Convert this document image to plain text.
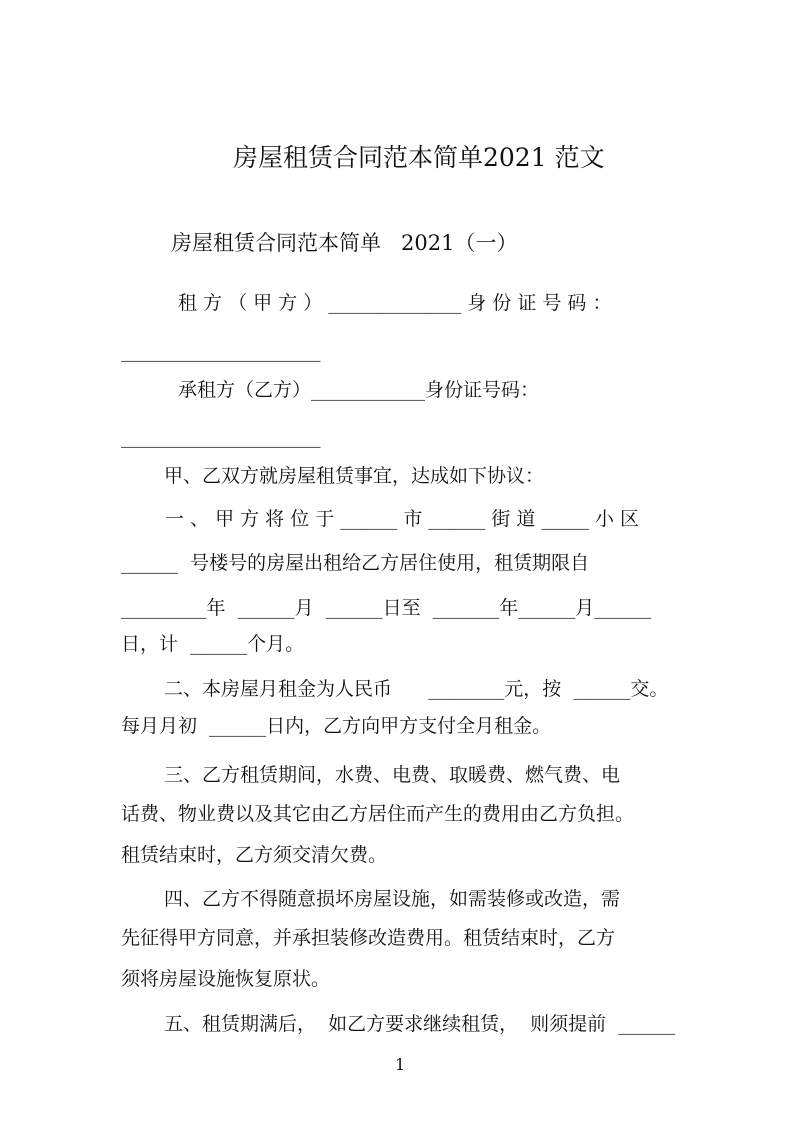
房屋租赁合同范本简单2021 范文
房屋租赁合同范本简单   2021（一）
租 方 （ 甲 方 ） ______________ 身 份 证 号 码 ：
_____________________
承租方（乙方）____________身份证号码：
_____________________
甲、乙双方就房屋租赁事宜，达成如下协议：
一 、 甲 方 将 位 于 ______ 市 ______ 街 道 _____ 小 区
______  号楼号的房屋出租给乙方居住使用，租赁期限自
_________年  ______月  ______日至  _______年______月______
日，计  ______个月。
二、本房屋月租金为人民币      ________元，按  ______交。
每月月初  ______日内，乙方向甲方支付全月租金。
三、乙方租赁期间，水费、电费、取暖费、燃气费、电
话费、物业费以及其它由乙方居住而产生的费用由乙方负担。
租赁结束时，乙方须交清欠费。
四、乙方不得随意损坏房屋设施，如需装修或改造，需
先征得甲方同意，并承担装修改造费用。租赁结束时，乙方
须将房屋设施恢复原状。
五、租赁期满后，  如乙方要求继续租赁，  则须提前  ______
1
